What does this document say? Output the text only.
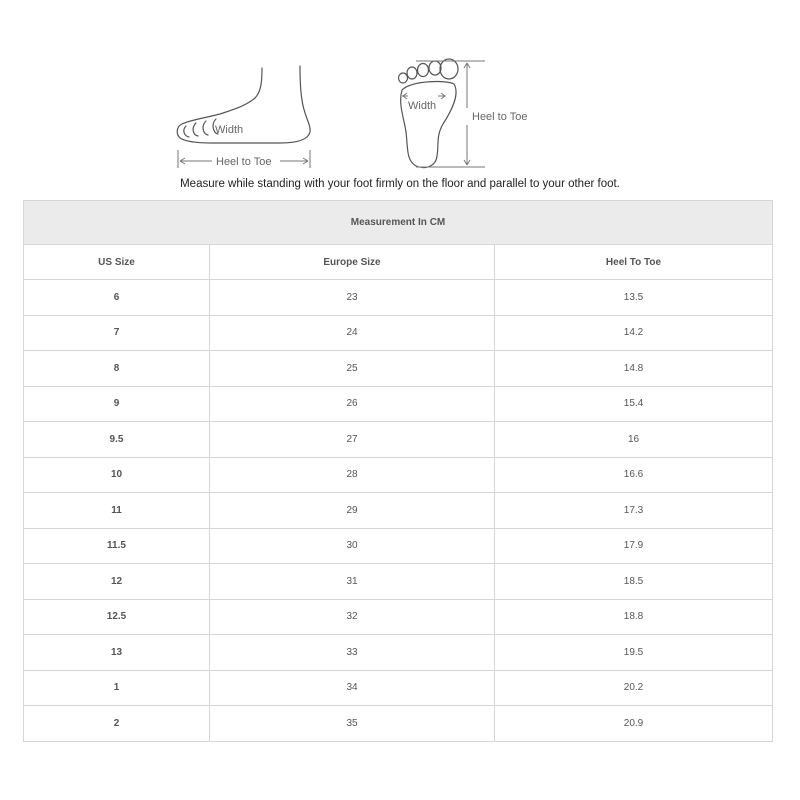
Width
Heel to Toe
Width
Heel to Toe
Measure while standing with your foot firmly on the floor and parallel to your other foot.
Measurement In CM		
US Size	Europe Size	Heel To Toe
6	23	13.5
7	24	14.2
8	25	14.8
9	26	15.4
9.5	27	16
10	28	16.6
11	29	17.3
11.5	30	17.9
12	31	18.5
12.5	32	18.8
13	33	19.5
1	34	20.2
2	35	20.9
